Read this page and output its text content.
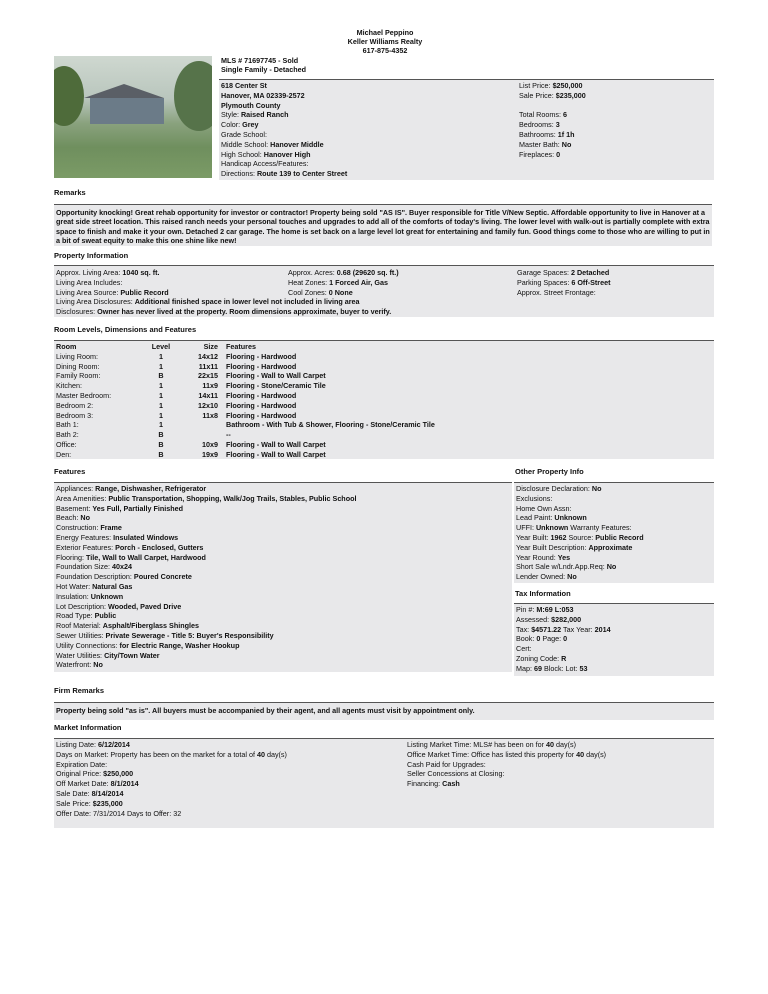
Michael Peppino
Keller Williams Realty
617-875-4352
MLS # 71697745 - Sold
Single Family - Detached
618 Center St
Hanover, MA 02339-2572
Plymouth County
Style: Raised Ranch
Color: Grey
Grade School:
Middle School: Hanover Middle
High School: Hanover High
Handicap Access/Features:
Directions: Route 139 to Center Street
List Price: $250,000
Sale Price: $235,000
Total Rooms: 6
Bedrooms: 3
Bathrooms: 1f 1h
Master Bath: No
Fireplaces: 0
Remarks
Opportunity knocking! Great rehab opportunity for investor or contractor! Property being sold "AS IS". Buyer responsible for Title V/New Septic. Affordable opportunity to live in Hanover at a great side street location. This raised ranch needs your personal touches and upgrades to add all of the comforts of today's living. The lower level with walk-out is partially complete with extra space to finish and make it your own. Detached 2 car garage. The home is set back on a large level lot great for entertaining and family fun. Good things come to those who are willing to put in a bit of sweat equity to make this one shine like new!
Property Information
Approx. Living Area: 1040 sq. ft.
Living Area Includes:
Living Area Source: Public Record
Approx. Acres: 0.68 (29620 sq. ft.)
Heat Zones: 1 Forced Air, Gas
Cool Zones: 0 None
Garage Spaces: 2 Detached
Parking Spaces: 6 Off-Street
Approx. Street Frontage:
Living Area Disclosures: Additional finished space in lower level not included in living area
Disclosures: Owner has never lived at the property. Room dimensions approximate, buyer to verify.
Room Levels, Dimensions and Features
Room	Level	Size	Features
Living Room:	1	14x12	Flooring - Hardwood
Dining Room:	1	11x11	Flooring - Hardwood
Family Room:	B	22x15	Flooring - Wall to Wall Carpet
Kitchen:	1	11x9	Flooring - Stone/Ceramic Tile
Master Bedroom:	1	14x11	Flooring - Hardwood
Bedroom 2:	1	12x10	Flooring - Hardwood
Bedroom 3:	1	11x8	Flooring - Hardwood
Bath 1:	1		Bathroom - With Tub & Shower, Flooring - Stone/Ceramic Tile
Bath 2:	B		--
Office:	B	10x9	Flooring - Wall to Wall Carpet
Den:	B	19x9	Flooring - Wall to Wall Carpet
Features
Appliances: Range, Dishwasher, Refrigerator
Area Amenities: Public Transportation, Shopping, Walk/Jog Trails, Stables, Public School
Basement: Yes Full, Partially Finished
Beach: No
Construction: Frame
Energy Features: Insulated Windows
Exterior Features: Porch - Enclosed, Gutters
Flooring: Tile, Wall to Wall Carpet, Hardwood
Foundation Size: 40x24
Foundation Description: Poured Concrete
Hot Water: Natural Gas
Insulation: Unknown
Lot Description: Wooded, Paved Drive
Road Type: Public
Roof Material: Asphalt/Fiberglass Shingles
Sewer Utilities: Private Sewerage - Title 5: Buyer's Responsibility
Utility Connections: for Electric Range, Washer Hookup
Water Utilities: City/Town Water
Waterfront: No
Other Property Info
Disclosure Declaration: No
Exclusions:
Home Own Assn:
Lead Paint: Unknown
UFFI: Unknown Warranty Features:
Year Built: 1962 Source: Public Record
Year Built Description: Approximate
Year Round: Yes
Short Sale w/Lndr.App.Req: No
Lender Owned: No
Tax Information
Pin #: M:69 L:053
Assessed: $282,000
Tax: $4571.22 Tax Year: 2014
Book: 0 Page: 0
Cert:
Zoning Code: R
Map: 69 Block: Lot: 53
Firm Remarks
Property being sold "as is". All buyers must be accompanied by their agent, and all agents must visit by appointment only.
Market Information
Listing Date: 6/12/2014
Days on Market: Property has been on the market for a total of 40 day(s)
Expiration Date:
Original Price: $250,000
Off Market Date: 8/1/2014
Sale Date: 8/14/2014
Sale Price: $235,000
Offer Date: 7/31/2014 Days to Offer: 32
Listing Market Time: MLS# has been on for 40 day(s)
Office Market Time: Office has listed this property for 40 day(s)
Cash Paid for Upgrades:
Seller Concessions at Closing:
Financing: Cash
